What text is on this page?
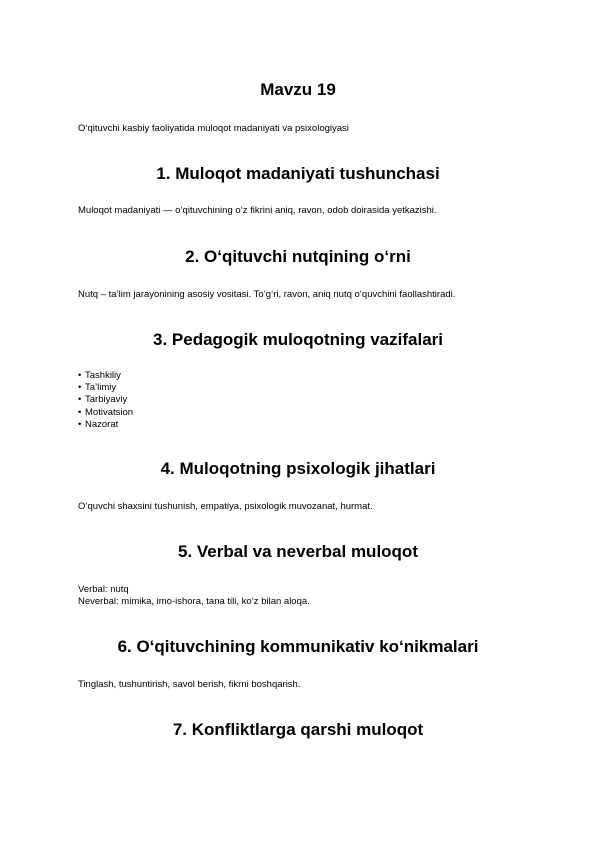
Mavzu 19
O‘qituvchi kasbiy faoliyatida muloqot madaniyati va psixologiyasi
1. Muloqot madaniyati tushunchasi
Muloqot madaniyati — o‘qituvchining o‘z fikrini aniq, ravon, odob doirasida yetkazishi.
2. O‘qituvchi nutqining o‘rni
Nutq – ta’lim jarayonining asosiy vositasi. To‘g‘ri, ravon, aniq nutq o‘quvchini faollashtiradi.
3. Pedagogik muloqotning vazifalari
• Tashkiliy
• Ta’limiy
• Tarbiyaviy
• Motivatsion
• Nazorat
4. Muloqotning psixologik jihatlari
O‘quvchi shaxsini tushunish, empatiya, psixologik muvozanat, hurmat.
5. Verbal va neverbal muloqot
Verbal: nutq
Neverbal: mimika, imo-ishora, tana tili, ko‘z bilan aloqa.
6. O‘qituvchining kommunikativ ko‘nikmalari
Tinglash, tushuntirish, savol berish, fikrni boshqarish.
7. Konfliktlarga qarshi muloqot
